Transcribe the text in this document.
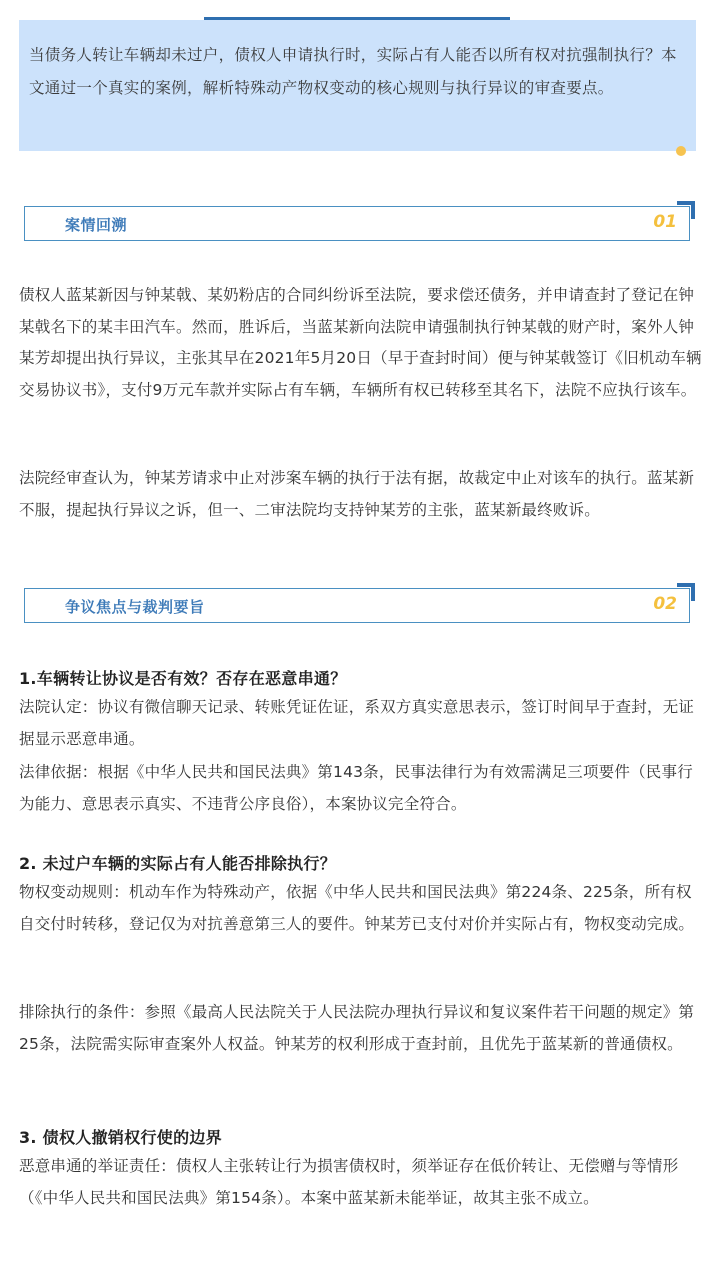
当债务人转让车辆却未过户，债权人申请执行时，实际占有人能否以所有权对抗强制执行？本文通过一个真实的案例，解析特殊动产物权变动的核心规则与执行异议的审查要点。
案情回溯	01

债权人蓝某新因与钟某戟、某奶粉店的合同纠纷诉至法院，要求偿还债务，并申请查封了登记在钟某戟名下的某丰田汽车。然而，胜诉后，当蓝某新向法院申请强制执行钟某戟的财产时，案外人钟某芳却提出执行异议，主张其早在2021年5月20日（早于查封时间）便与钟某戟签订《旧机动车辆交易协议书》，支付9万元车款并实际占有车辆，车辆所有权已转移至其名下，法院不应执行该车。

法院经审查认为，钟某芳请求中止对涉案车辆的执行于法有据，故裁定中止对该车的执行。蓝某新不服，提起执行异议之诉，但一、二审法院均支持钟某芳的主张，蓝某新最终败诉。

争议焦点与裁判要旨	02

1.车辆转让协议是否有效？否存在恶意串通？

法院认定：协议有微信聊天记录、转账凭证佐证，系双方真实意思表示，签订时间早于查封，无证据显示恶意串通。

法律依据：根据《中华人民共和国民法典》第143条，民事法律行为有效需满足三项要件（民事行为能力、意思表示真实、不违背公序良俗），本案协议完全符合。

2. 未过户车辆的实际占有人能否排除执行？

物权变动规则：机动车作为特殊动产，依据《中华人民共和国民法典》第224条、225条，所有权自交付时转移，登记仅为对抗善意第三人的要件。钟某芳已支付对价并实际占有，物权变动完成。

排除执行的条件：参照《最高人民法院关于人民法院办理执行异议和复议案件若干问题的规定》第25条，法院需实际审查案外人权益。钟某芳的权利形成于查封前，且优先于蓝某新的普通债权。

3. 债权人撤销权行使的边界

恶意串通的举证责任：债权人主张转让行为损害债权时，须举证存在低价转让、无偿赠与等情形（《中华人民共和国民法典》第154条）。本案中蓝某新未能举证，故其主张不成立。
